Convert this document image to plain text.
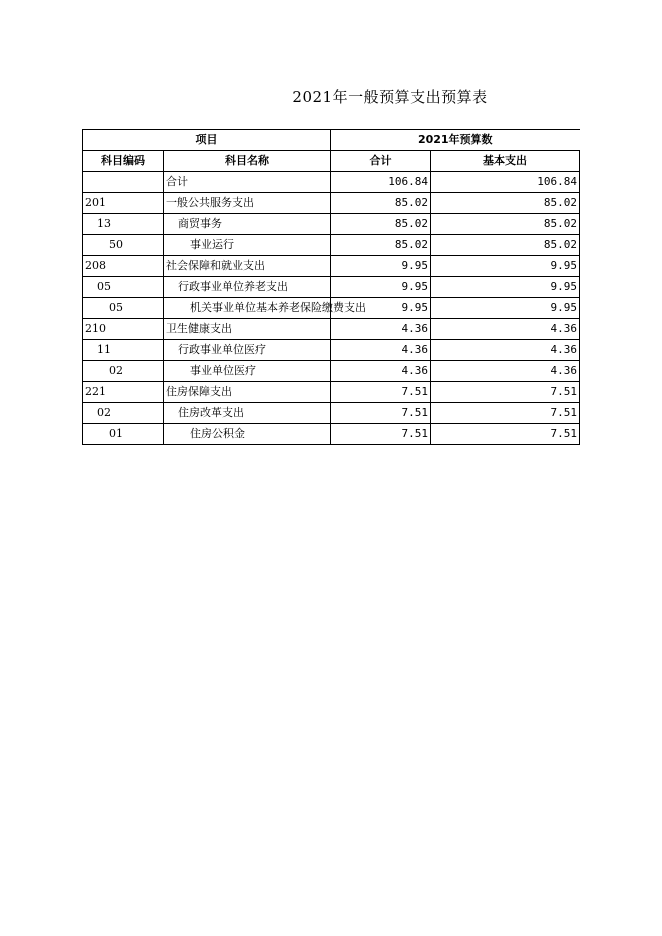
2021年一般预算支出预算表
项目		2021年预算数	
科目编码	科目名称	合计	基本支出
	合计	106.84	106.84
201	一般公共服务支出	85.02	85.02
13	商贸事务	85.02	85.02
50	事业运行	85.02	85.02
208	社会保障和就业支出	9.95	9.95
05	行政事业单位养老支出	9.95	9.95
05	机关事业单位基本养老保险缴费支出	9.95	9.95
210	卫生健康支出	4.36	4.36
11	行政事业单位医疗	4.36	4.36
02	事业单位医疗	4.36	4.36
221	住房保障支出	7.51	7.51
02	住房改革支出	7.51	7.51
01	住房公积金	7.51	7.51
